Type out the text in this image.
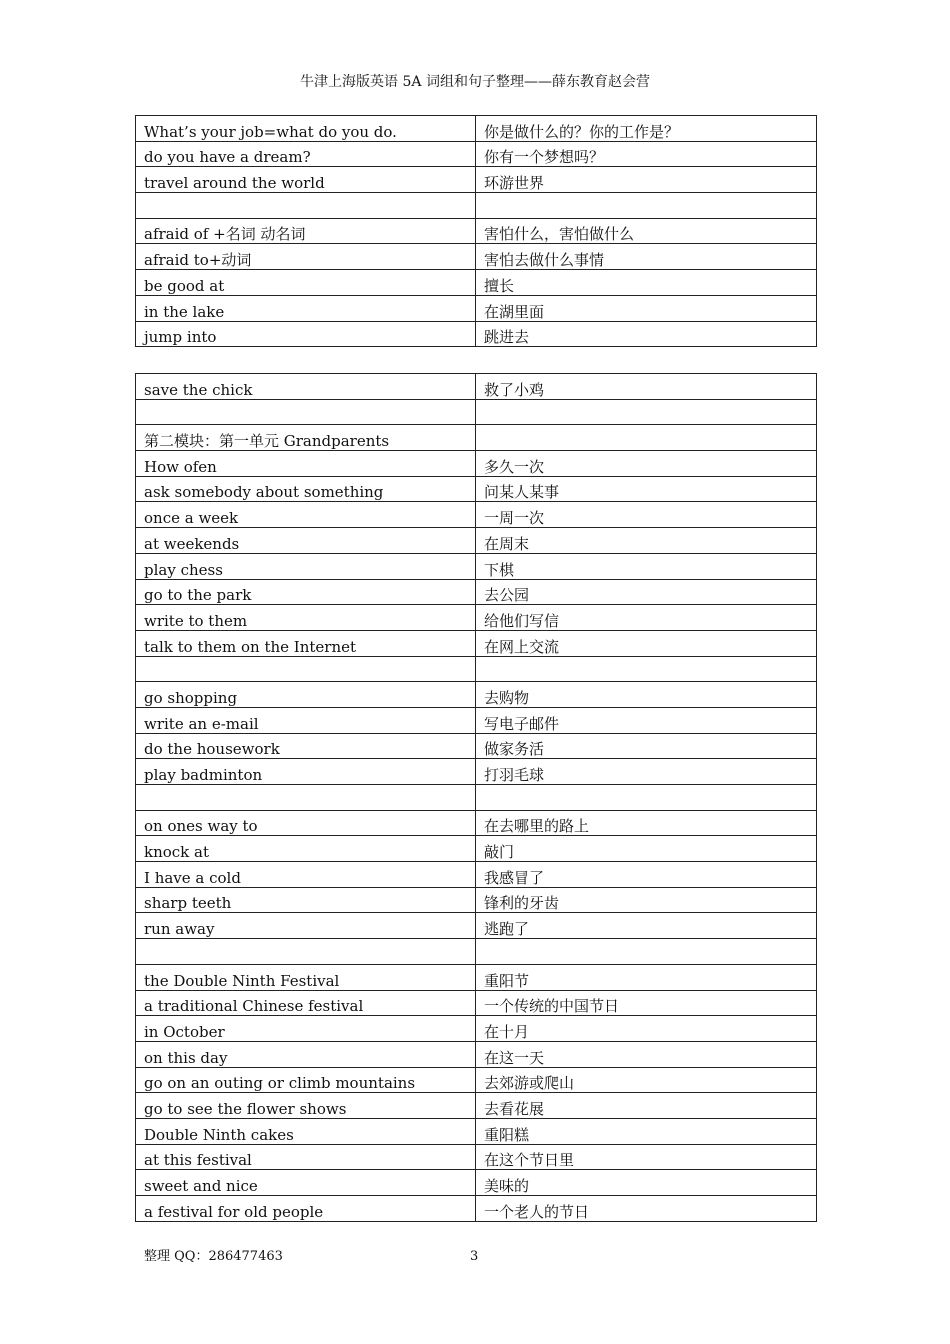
牛津上海版英语 5A 词组和句子整理——薛东教育赵会营
What’s your job=what do you do.	你是做什么的？你的工作是？
do you have a dream?	你有一个梦想吗？
travel around the world	环游世界

afraid of +名词 动名词	害怕什么，害怕做什么
afraid to+动词	害怕去做什么事情
be good at	擅长
in the lake	在湖里面
jump into	跳进去
save the chick	救了小鸡

第二模块：第一单元 Grandparents	
How ofen	多久一次
ask somebody about something	问某人某事
once a week	一周一次
at weekends	在周末
play chess	下棋
go to the park	去公园
write to them	给他们写信
talk to them on the Internet	在网上交流

go shopping	去购物
write an e-mail	写电子邮件
do the housework	做家务活
play badminton	打羽毛球

on ones way to	在去哪里的路上
knock at	敲门
I have a cold	我感冒了
sharp teeth	锋利的牙齿
run away	逃跑了

the Double Ninth Festival	重阳节
a traditional Chinese festival	一个传统的中国节日
in October	在十月
on this day	在这一天
go on an outing or climb mountains	去郊游或爬山
go to see the flower shows	去看花展
Double Ninth cakes	重阳糕
at this festival	在这个节日里
sweet and nice	美味的
a festival for old people	一个老人的节日
整理 QQ：286477463	3
